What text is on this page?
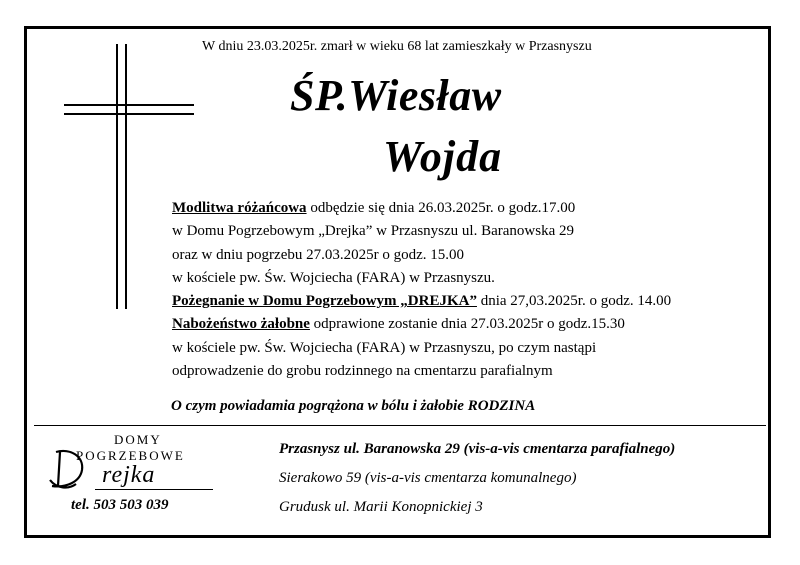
W dniu 23.03.2025r. zmarł w wieku 68 lat zamieszkały w Przasnyszu
ŚP.Wiesław
Wojda
Modlitwa różańcowa odbędzie się dnia 26.03.2025r. o godz.17.00
w Domu Pogrzebowym „Drejka” w Przasnyszu ul. Baranowska 29
oraz w dniu pogrzebu 27.03.2025r o godz. 15.00
w kościele pw. Św. Wojciecha (FARA) w Przasnyszu.
Pożegnanie w Domu Pogrzebowym „DREJKA” dnia 27,03.2025r. o godz. 14.00
Nabożeństwo żałobne odprawione zostanie dnia 27.03.2025r o godz.15.30
w kościele pw. Św. Wojciecha (FARA) w Przasnyszu, po czym nastąpi
odprowadzenie do grobu rodzinnego na cmentarzu parafialnym
O czym powiadamia pogrążona w bólu i żałobie RODZINA
DOMY
POGRZEBOWE
rejka
tel. 503 503 039
Przasnysz ul. Baranowska 29 (vis-a-vis cmentarza parafialnego)
Sierakowo 59 (vis-a-vis cmentarza komunalnego)
Grudusk ul. Marii Konopnickiej 3
